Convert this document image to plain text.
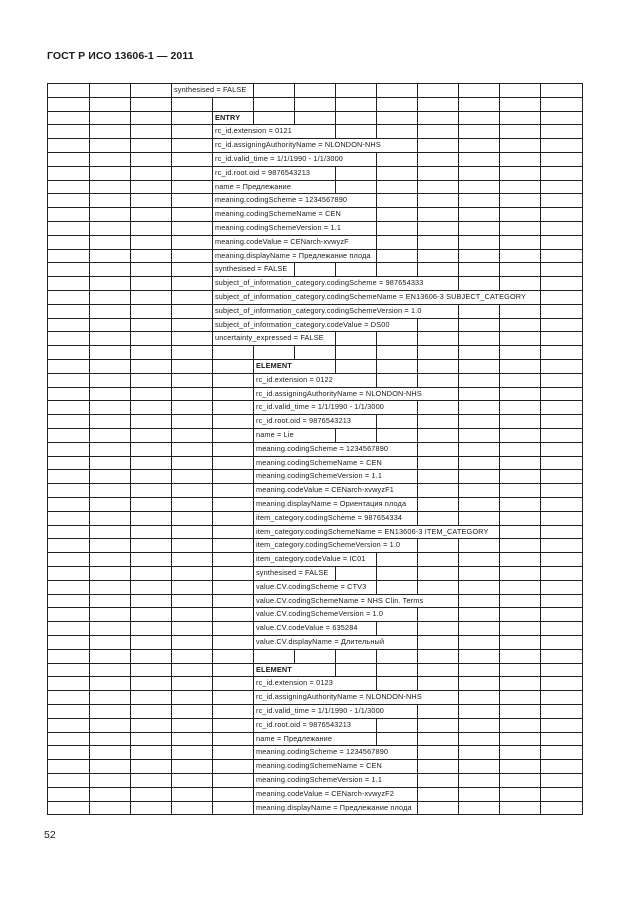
ГОСТ Р ИСО 13606-1 — 2011
synthesised = FALSE
ENTRY
rc_id.extension = 0121
rc_id.assigningAuthorityName = NLONDON-NHS
rc_id.valid_time = 1/1/1990 - 1/1/3000
rc_id.root.oid = 9876543213
name = Предлежание
meaning.codingScheme = 1234567890
meaning.codingSchemeName = CEN
meaning.codingSchemeVersion = 1.1
meaning.codeValue = CENarch-xvwyzF
meaning.displayName = Предлежание плода
synthesised = FALSE
subject_of_information_category.codingScheme = 987654333
subject_of_information_category.codingSchemeName = EN13606-3 SUBJECT_CATEGORY
subject_of_information_category.codingSchemeVersion = 1.0
subject_of_information_category.codeValue = DS00
uncertainty_expressed = FALSE
ELEMENT
rc_id.extension = 0122
rc_id.assigningAuthorityName = NLONDON-NHS
rc_id.valid_time = 1/1/1990 - 1/1/3000
rc_id.root.oid = 9876543213
name = Lie
meaning.codingScheme = 1234567890
meaning.codingSchemeName = CEN
meaning.codingSchemeVersion = 1.1
meaning.codeValue = CENarch-xvwyzF1
meaning.displayName = Ориентация плода
item_category.codingScheme = 987654334
item_category.codingSchemeName = EN13606-3 ITEM_CATEGORY
item_category.codingSchemeVersion = 1.0
item_category.codeValue = IC01
synthesised = FALSE
value.CV.codingScheme = CTV3
value.CV.codingSchemeName = NHS Clin. Terms
value.CV.codingSchemeVersion = 1.0
value.CV.codeValue = 635284
value.CV.displayName = Длительный
ELEMENT
rc_id.extension = 0123
rc_id.assigningAuthorityName = NLONDON-NHS
rc_id.valid_time = 1/1/1990 - 1/1/3000
rc_id.root.oid = 9876543213
name = Предлежание
meaning.codingScheme = 1234567890
meaning.codingSchemeName = CEN
meaning.codingSchemeVersion = 1.1
meaning.codeValue = CENarch-xvwyzF2
meaning.displayName = Предлежание плода
52
